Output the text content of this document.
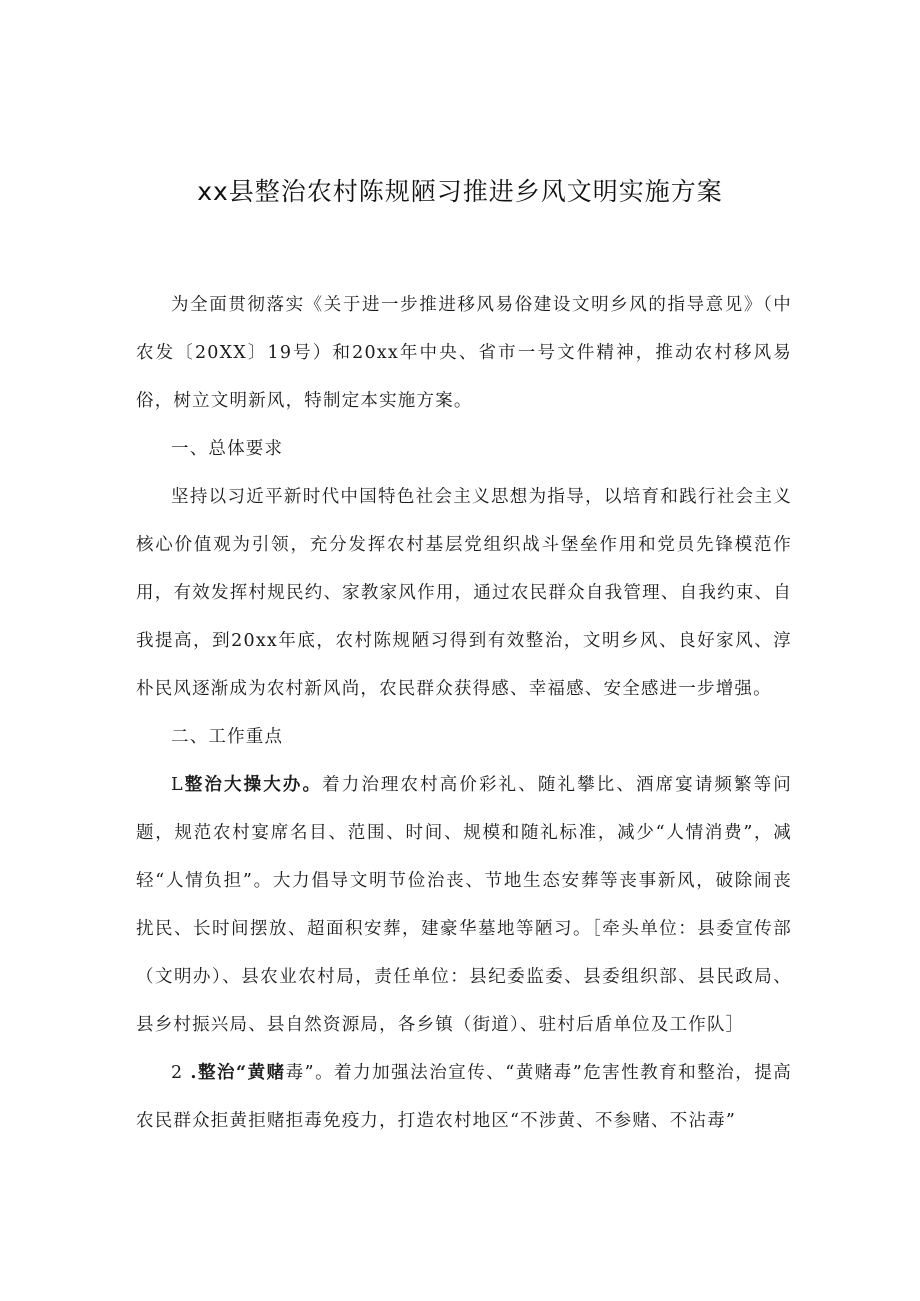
xx县整治农村陈规陋习推进乡风文明实施方案

为全面贯彻落实《关于进一步推进移风易俗建设文明乡风的指导意见》（中农发〔20XX〕19号）和20xx年中央、省市一号文件精神，推动农村移风易俗，树立文明新风，特制定本实施方案。

一、总体要求

坚持以习近平新时代中国特色社会主义思想为指导，以培育和践行社会主义核心价值观为引领，充分发挥农村基层党组织战斗堡垒作用和党员先锋模范作用，有效发挥村规民约、家教家风作用，通过农民群众自我管理、自我约束、自我提高，到20xx年底，农村陈规陋习得到有效整治，文明乡风、良好家风、淳朴民风逐渐成为农村新风尚，农民群众获得感、幸福感、安全感进一步增强。

二、工作重点

L整治大操大办。着力治理农村高价彩礼、随礼攀比、酒席宴请频繁等问题，规范农村宴席名目、范围、时间、规模和随礼标准，减少“人情消费”，减轻“人情负担”。大力倡导文明节俭治丧、节地生态安葬等丧事新风，破除闹丧扰民、长时间摆放、超面积安葬，建豪华墓地等陋习。［牵头单位：县委宣传部（文明办）、县农业农村局，责任单位：县纪委监委、县委组织部、县民政局、县乡村振兴局、县自然资源局，各乡镇（街道）、驻村后盾单位及工作队］

2 .整治“黄赌毒”。着力加强法治宣传、“黄赌毒”危害性教育和整治，提高农民群众拒黄拒赌拒毒免疫力，打造农村地区“不涉黄、不参赌、不沾毒”
